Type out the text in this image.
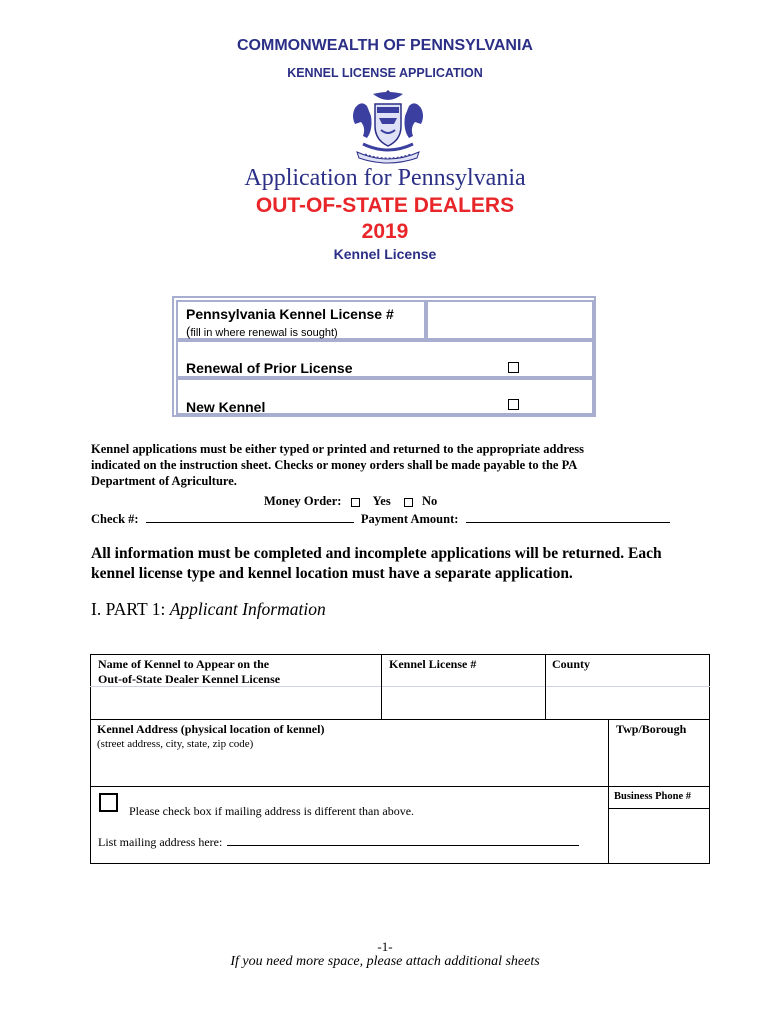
COMMONWEALTH OF PENNSYLVANIA
KENNEL LICENSE APPLICATION
Application for Pennsylvania
OUT-OF-STATE DEALERS
2019
Kennel License
Pennsylvania Kennel License #
(fill in where renewal is sought)
Renewal of Prior License
New Kennel
Kennel applications must be either typed or printed and returned to the appropriate address
indicated on the instruction sheet. Checks or money orders shall be made payable to the PA
Department of Agriculture.
Money Order:	Yes	No
Check #:	Payment Amount:
All information must be completed and incomplete applications will be returned. Each
kennel license type and kennel location must have a separate application.
I. PART 1: Applicant Information
Name of Kennel to Appear on the
Out-of-State Dealer Kennel License
Kennel License #	County
Kennel Address (physical location of kennel)
(street address, city, state, zip code)
Twp/Borough
Business Phone #
Please check box if mailing address is different than above.
List mailing address here:
-1-
If you need more space, please attach additional sheets
